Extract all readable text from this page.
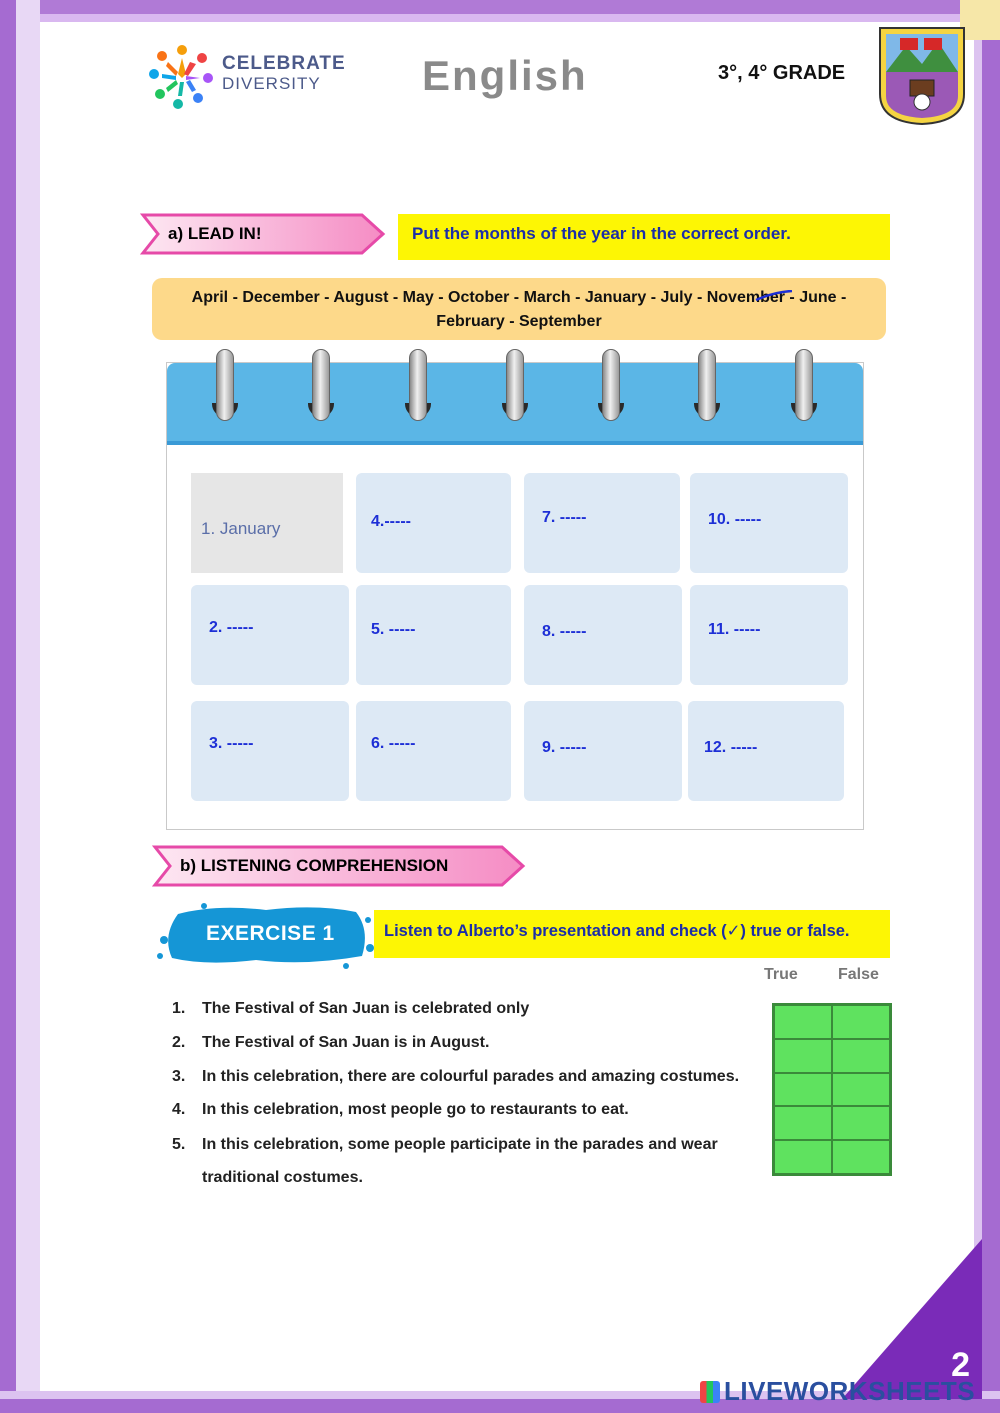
CELEBRATE
DIVERSITY	English	3°, 4° GRADE
a) LEAD IN!	Put the months of the year in the correct order.
April - December - August - May - October - March - January - July - November - June -
February - September
1. January
2. -----
3. -----
4.-----
5. -----
6. -----
7. -----
8. -----
9. -----
10. -----
11. -----
12. -----
b) LISTENING COMPREHENSION
EXERCISE 1	Listen to Alberto’s presentation and check (✓) true or false.
True	False
1. The Festival of San Juan is celebrated only
2. The Festival of San Juan is in August.
3. In this celebration, there are colourful parades and amazing costumes.
4. In this celebration, most people go to restaurants to eat.
5. In this celebration, some people participate in the parades and wear
traditional costumes.
2
LIVEWORKSHEETS
